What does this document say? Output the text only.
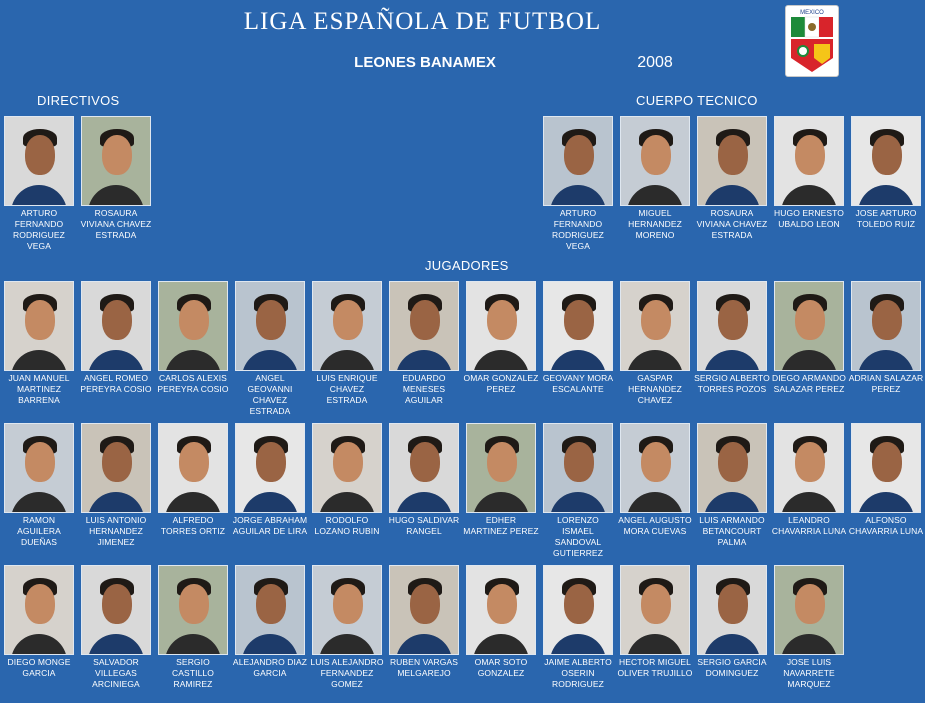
LIGA ESPAÑOLA DE FUTBOL
LEONES BANAMEX	2008
MEXICO
DIRECTIVOS	CUERPO TECNICO
JUGADORES
ARTURO FERNANDO RODRIGUEZ VEGA
ROSAURA VIVIANA CHAVEZ ESTRADA
ARTURO FERNANDO RODRIGUEZ VEGA
MIGUEL HERNANDEZ MORENO
ROSAURA VIVIANA CHAVEZ ESTRADA
HUGO ERNESTO UBALDO LEON
JOSE ARTURO TOLEDO RUIZ
JUAN MANUEL MARTINEZ BARRENA
ANGEL ROMEO PEREYRA COSIO
CARLOS ALEXIS PEREYRA COSIO
ANGEL GEOVANNI CHAVEZ ESTRADA
LUIS ENRIQUE CHAVEZ ESTRADA
EDUARDO MENESES AGUILAR
OMAR GONZALEZ PEREZ
GEOVANY MORA ESCALANTE
GASPAR HERNANDEZ CHAVEZ
SERGIO ALBERTO TORRES POZOS
DIEGO ARMANDO SALAZAR PEREZ
ADRIAN SALAZAR PEREZ
RAMON AGUILERA DUEÑAS
LUIS ANTONIO HERNANDEZ JIMENEZ
ALFREDO TORRES ORTIZ
JORGE ABRAHAM AGUILAR DE LIRA
RODOLFO LOZANO RUBIN
HUGO SALDIVAR RANGEL
EDHER MARTINEZ PEREZ
LORENZO ISMAEL SANDOVAL GUTIERREZ
ANGEL AUGUSTO MORA CUEVAS
LUIS ARMANDO BETANCOURT PALMA
LEANDRO CHAVARRIA LUNA
ALFONSO CHAVARRIA LUNA
DIEGO MONGE GARCIA
SALVADOR VILLEGAS ARCINIEGA
SERGIO CASTILLO RAMIREZ
ALEJANDRO DIAZ GARCIA
LUIS ALEJANDRO FERNANDEZ GOMEZ
RUBEN VARGAS MELGAREJO
OMAR SOTO GONZALEZ
JAIME ALBERTO OSERIN RODRIGUEZ
HECTOR MIGUEL OLIVER TRUJILLO
SERGIO GARCIA DOMINGUEZ
JOSE LUIS NAVARRETE MARQUEZ
